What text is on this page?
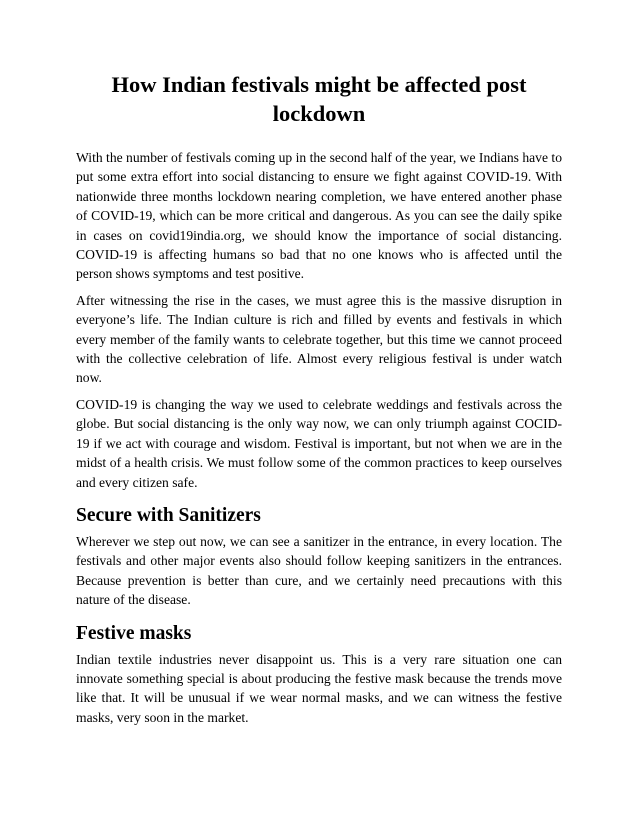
How Indian festivals might be affected post lockdown

With the number of festivals coming up in the second half of the year, we Indians have to put some extra effort into social distancing to ensure we fight against COVID-19. With nationwide three months lockdown nearing completion, we have entered another phase of COVID-19, which can be more critical and dangerous. As you can see the daily spike in cases on covid19india.org, we should know the importance of social distancing. COVID-19 is affecting humans so bad that no one knows who is affected until the person shows symptoms and test positive.

After witnessing the rise in the cases, we must agree this is the massive disruption in everyone’s life. The Indian culture is rich and filled by events and festivals in which every member of the family wants to celebrate together, but this time we cannot proceed with the collective celebration of life. Almost every religious festival is under watch now.

COVID-19 is changing the way we used to celebrate weddings and festivals across the globe. But social distancing is the only way now, we can only triumph against COCID-19 if we act with courage and wisdom. Festival is important, but not when we are in the midst of a health crisis. We must follow some of the common practices to keep ourselves and every citizen safe.

Secure with Sanitizers

Wherever we step out now, we can see a sanitizer in the entrance, in every location. The festivals and other major events also should follow keeping sanitizers in the entrances. Because prevention is better than cure, and we certainly need precautions with this nature of the disease.

Festive masks

Indian textile industries never disappoint us. This is a very rare situation one can innovate something special is about producing the festive mask because the trends move like that. It will be unusual if we wear normal masks, and we can witness the festive masks, very soon in the market.
